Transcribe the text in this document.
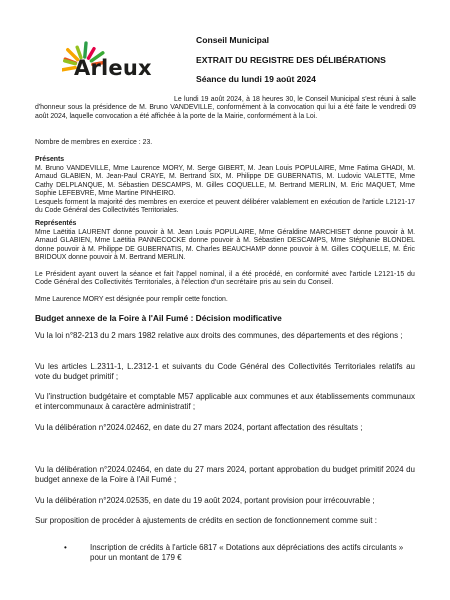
Arleux
Conseil Municipal
EXTRAIT DU REGISTRE DES DÉLIBÉRATIONS
Séance du lundi 19 août 2024
Le lundi 19 août 2024, à 18 heures 30, le Conseil Municipal s'est réuni à salle d'honneur sous la présidence de M. Bruno VANDEVILLE, conformément à la convocation qui lui a été faite le vendredi 09 août 2024, laquelle convocation a été affichée à la porte de la Mairie, conformément à la Loi.
Nombre de membres en exercice : 23.
Présents
M. Bruno VANDEVILLE, Mme Laurence MORY, M. Serge GIBERT, M. Jean Louis POPULAIRE, Mme Fatima GHADI, M. Arnaud GLABIEN, M. Jean-Paul CRAYE, M. Bertrand SIX, M. Philippe DE GUBERNATIS, M. Ludovic VALETTE, Mme Cathy DELPLANQUE, M. Sébastien DESCAMPS, M. Gilles COQUELLE, M. Bertrand MERLIN, M. Eric MAQUET, Mme Sophie LEFEBVRE, Mme Martine PINHEIRO.
Lesquels forment la majorité des membres en exercice et peuvent délibérer valablement en exécution de l'article L2121-17 du Code Général des Collectivités Territoriales.
Représentés
Mme Laëtitia LAURENT donne pouvoir à M. Jean Louis POPULAIRE, Mme Géraldine MARCHISET donne pouvoir à M. Arnaud GLABIEN, Mme Laëtitia PANNECOCKE donne pouvoir à M. Sébastien DESCAMPS, Mme Stéphanie BLONDEL donne pouvoir à M. Philippe DE GUBERNATIS, M. Charles BEAUCHAMP donne pouvoir à M. Gilles COQUELLE, M. Éric BRIDOUX donne pouvoir à M. Bertrand MERLIN.
Le Président ayant ouvert la séance et fait l'appel nominal, il a été procédé, en conformité avec l'article L2121-15 du Code Général des Collectivités Territoriales, à l'élection d'un secrétaire pris au sein du Conseil.
Mme Laurence MORY est désignée pour remplir cette fonction.
Budget annexe de la Foire à l'Ail Fumé : Décision modificative
Vu la loi n°82-213 du 2 mars 1982 relative aux droits des communes, des départements et des régions ;
Vu les articles L.2311-1, L.2312-1 et suivants du Code Général des Collectivités Territoriales relatifs au vote du budget primitif ;
Vu l'instruction budgétaire et comptable M57 applicable aux communes et aux établissements communaux et intercommunaux à caractère administratif ;
Vu la délibération n°2024.02462, en date du 27 mars 2024, portant affectation des résultats ;
Vu la délibération n°2024.02464, en date du 27 mars 2024, portant approbation du budget primitif 2024 du budget annexe de la Foire à l'Ail Fumé ;
Vu la délibération n°2024.02535, en date du 19 août 2024, portant provision pour irrécouvrable ;
Sur proposition de procéder à ajustements de crédits en section de fonctionnement comme suit :
•	Inscription de crédits à l'article 6817 « Dotations aux dépréciations des actifs circulants » pour un montant de 179 €
